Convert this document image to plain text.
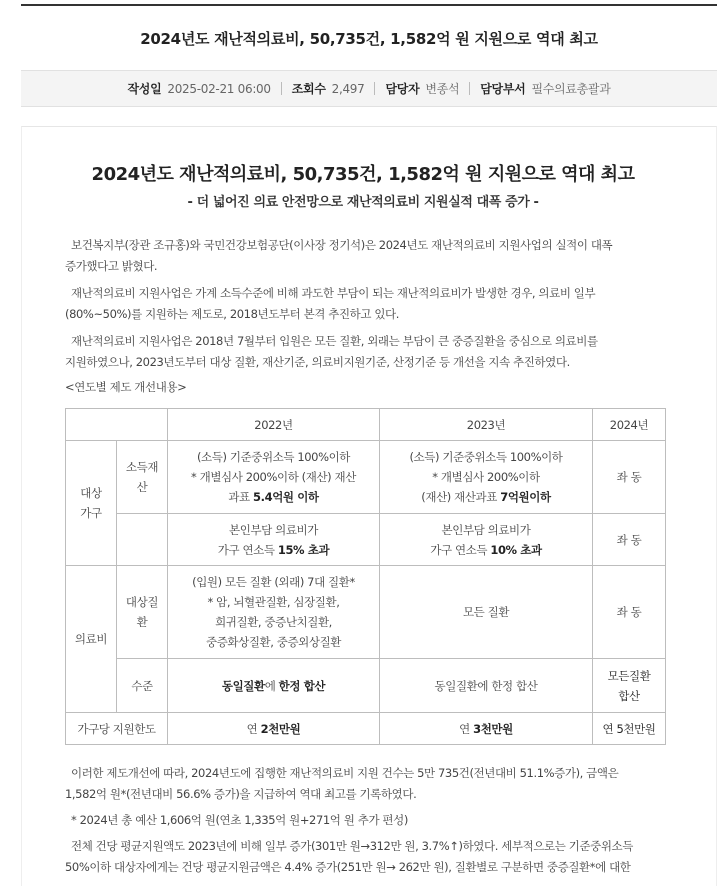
2024년도 재난적의료비, 50,735건, 1,582억 원 지원으로 역대 최고
작성일 2025-02-21 06:00 조회수 2,497 담당자 변종석 담당부서 필수의료총괄과
2024년도 재난적의료비, 50,735건, 1,582억 원 지원으로 역대 최고
- 더 넓어진 의료 안전망으로 재난적의료비 지원실적 대폭 증가 -

보건복지부(장관 조규홍)와 국민건강보험공단(이사장 정기석)은 2024년도 재난적의료비 지원사업의 실적이 대폭
증가했다고 밝혔다.

재난적의료비 지원사업은 가계 소득수준에 비해 과도한 부담이 되는 재난적의료비가 발생한 경우, 의료비 일부
(80%~50%)를 지원하는 제도로, 2018년도부터 본격 추진하고 있다.

재난적의료비 지원사업은 2018년 7월부터 입원은 모든 질환, 외래는 부담이 큰 중증질환을 중심으로 의료비를
지원하였으나, 2023년도부터 대상 질환, 재산기준, 의료비지원기준, 산정기준 등 개선을 지속 추진하였다.

<연도별 제도 개선내용>
		2022년	2023년	2024년
대상 가구	소득재산	(소득) 기준중위소득 100%이하
* 개별심사 200%이하 (재산) 재산
과표 5.4억원 이하	(소득) 기준중위소득 100%이하
* 개별심사 200%이하
(재산) 재산과표 7억원이하	좌 동

		본인부담 의료비가
가구 연소득 15% 초과	본인부담 의료비가
가구 연소득 10% 초과	좌 동
의료비	대상질환	(입원) 모든 질환 (외래) 7대 질환*
* 암, 뇌혈관질환, 심장질환,
희귀질환, 중증난치질환,
중증화상질환, 중증외상질환	모든 질환	좌 동
	수준	동일질환에 한정 합산	동일질환에 한정 합산	모든질환
합산

가구당 지원한도		연 2천만원	연 3천만원	연 5천만원

이러한 제도개선에 따라, 2024년도에 집행한 재난적의료비 지원 건수는 5만 735건(전년대비 51.1%증가), 금액은
1,582억 원*(전년대비 56.6% 증가)을 지급하여 역대 최고를 기록하였다.

* 2024년 총 예산 1,606억 원(연초 1,335억 원+271억 원 추가 편성)

전체 건당 평균지원액도 2023년에 비해 일부 증가(301만 원→312만 원, 3.7%↑)하였다. 세부적으로는 기준중위소득
50%이하 대상자에게는 건당 평균지원금액은 4.4% 증가(251만 원→ 262만 원), 질환별로 구분하면 중증질환*에 대한
